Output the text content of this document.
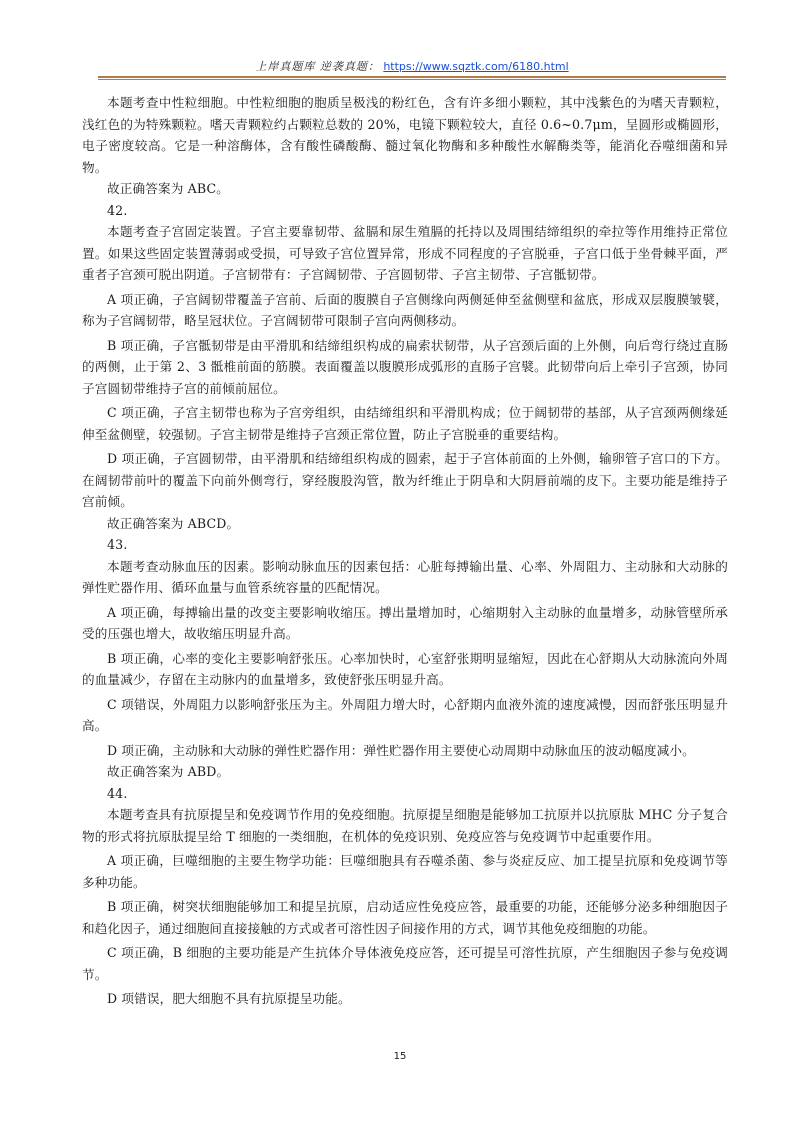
上岸真题库 逆袭真题： https://www.sqztk.com/6180.html

本题考查中性粒细胞。中性粒细胞的胞质呈极浅的粉红色，含有许多细小颗粒，其中浅紫色的为嗜天青颗粒，浅红色的为特殊颗粒。嗜天青颗粒约占颗粒总数的 20%，电镜下颗粒较大，直径 0.6~0.7μm，呈圆形或椭圆形，电子密度较高。它是一种溶酶体，含有酸性磷酸酶、髓过氧化物酶和多种酸性水解酶类等，能消化吞噬细菌和异物。

故正确答案为 ABC。

42.

本题考查子宫固定装置。子宫主要靠韧带、盆膈和尿生殖膈的托持以及周围结缔组织的牵拉等作用维持正常位置。如果这些固定装置薄弱或受损，可导致子宫位置异常，形成不同程度的子宫脱垂，子宫口低于坐骨棘平面，严重者子宫颈可脱出阴道。子宫韧带有：子宫阔韧带、子宫圆韧带、子宫主韧带、子宫骶韧带。

A 项正确，子宫阔韧带覆盖子宫前、后面的腹膜自子宫侧缘向两侧延伸至盆侧壁和盆底，形成双层腹膜皱襞，称为子宫阔韧带，略呈冠状位。子宫阔韧带可限制子宫向两侧移动。

B 项正确，子宫骶韧带是由平滑肌和结缔组织构成的扁索状韧带，从子宫颈后面的上外侧，向后弯行绕过直肠的两侧，止于第 2、3 骶椎前面的筋膜。表面覆盖以腹膜形成弧形的直肠子宫襞。此韧带向后上牵引子宫颈，协同子宫圆韧带维持子宫的前倾前屈位。

C 项正确，子宫主韧带也称为子宫旁组织，由结缔组织和平滑肌构成；位于阔韧带的基部，从子宫颈两侧缘延伸至盆侧壁，较强韧。子宫主韧带是维持子宫颈正常位置，防止子宫脱垂的重要结构。

D 项正确，子宫圆韧带，由平滑肌和结缔组织构成的圆索，起于子宫体前面的上外侧，输卵管子宫口的下方。在阔韧带前叶的覆盖下向前外侧弯行，穿经腹股沟管，散为纤维止于阴阜和大阴唇前端的皮下。主要功能是维持子宫前倾。

故正确答案为 ABCD。

43.

本题考查动脉血压的因素。影响动脉血压的因素包括：心脏每搏输出量、心率、外周阻力、主动脉和大动脉的弹性贮器作用、循环血量与血管系统容量的匹配情况。

A 项正确，每搏输出量的改变主要影响收缩压。搏出量增加时，心缩期射入主动脉的血量增多，动脉管壁所承受的压强也增大，故收缩压明显升高。

B 项正确，心率的变化主要影响舒张压。心率加快时，心室舒张期明显缩短，因此在心舒期从大动脉流向外周的血量减少，存留在主动脉内的血量增多，致使舒张压明显升高。

C 项错误，外周阻力以影响舒张压为主。外周阻力增大时，心舒期内血液外流的速度减慢，因而舒张压明显升高。

D 项正确，主动脉和大动脉的弹性贮器作用：弹性贮器作用主要使心动周期中动脉血压的波动幅度减小。

故正确答案为 ABD。

44.

本题考查具有抗原提呈和免疫调节作用的免疫细胞。抗原提呈细胞是能够加工抗原并以抗原肽 MHC 分子复合物的形式将抗原肽提呈给 T 细胞的一类细胞，在机体的免疫识别、免疫应答与免疫调节中起重要作用。

A 项正确，巨噬细胞的主要生物学功能：巨噬细胞具有吞噬杀菌、参与炎症反应、加工提呈抗原和免疫调节等多种功能。

B 项正确，树突状细胞能够加工和提呈抗原，启动适应性免疫应答，最重要的功能，还能够分泌多种细胞因子和趋化因子，通过细胞间直接接触的方式或者可溶性因子间接作用的方式，调节其他免疫细胞的功能。

C 项正确，B 细胞的主要功能是产生抗体介导体液免疫应答，还可提呈可溶性抗原，产生细胞因子参与免疫调节。

D 项错误，肥大细胞不具有抗原提呈功能。

15
